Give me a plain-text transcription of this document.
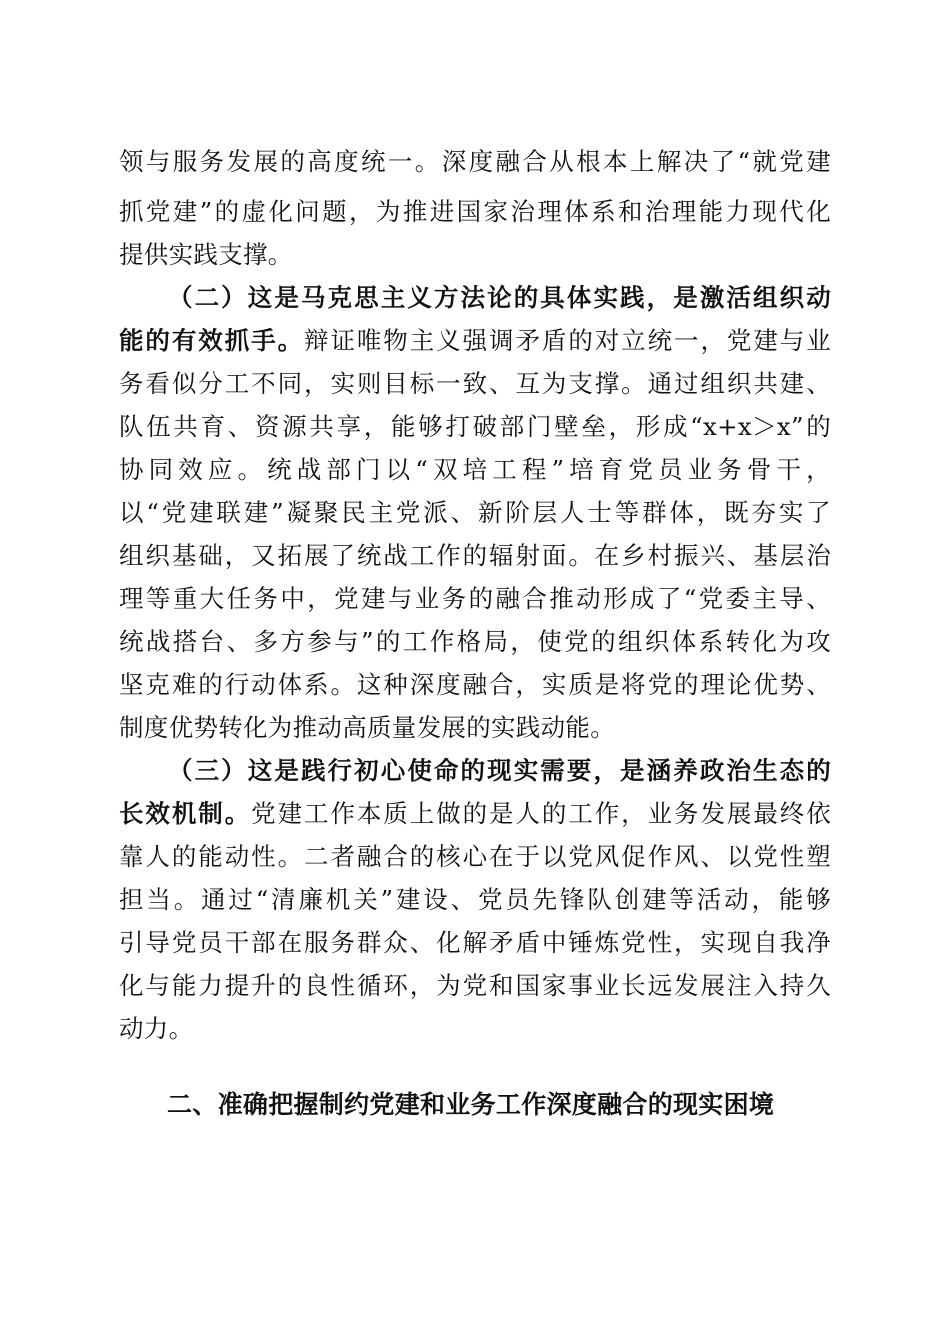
领与服务发展的高度统一。深度融合从根本上解决了“就党建
抓党建”的虚化问题，为推进国家治理体系和治理能力现代化
提供实践支撑。
（二）这是马克思主义方法论的具体实践，是激活组织动
能的有效抓手。辩证唯物主义强调矛盾的对立统一，党建与业
务看似分工不同，实则目标一致、互为支撑。通过组织共建、
队伍共育、资源共享，能够打破部门壁垒，形成“x+x＞x”的
协同效应。统战部门以“双培工程”培育党员业务骨干，
以“党建联建”凝聚民主党派、新阶层人士等群体，既夯实了
组织基础，又拓展了统战工作的辐射面。在乡村振兴、基层治
理等重大任务中，党建与业务的融合推动形成了“党委主导、
统战搭台、多方参与”的工作格局，使党的组织体系转化为攻
坚克难的行动体系。这种深度融合，实质是将党的理论优势、
制度优势转化为推动高质量发展的实践动能。
（三）这是践行初心使命的现实需要，是涵养政治生态的
长效机制。党建工作本质上做的是人的工作，业务发展最终依
靠人的能动性。二者融合的核心在于以党风促作风、以党性塑
担当。通过“清廉机关”建设、党员先锋队创建等活动，能够
引导党员干部在服务群众、化解矛盾中锤炼党性，实现自我净
化与能力提升的良性循环，为党和国家事业长远发展注入持久
动力。
二、准确把握制约党建和业务工作深度融合的现实困境
